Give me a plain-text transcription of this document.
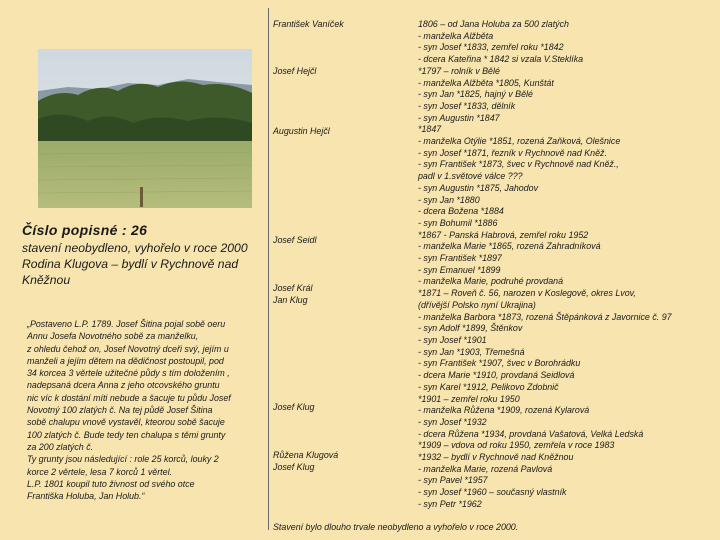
Číslo popisné : 26
stavení neobydleno, vyhořelo v roce 2000
Rodina Klugova – bydlí v Rychnově nad
Kněžnou
„Postaveno L.P. 1789. Josef Šitina pojal sobě oeru
Annu Josefa Novotného sobě za manželku,
z ohledu čehož on, Josef Novotný dceři svý, jejím u
manželi a jejím dětem na dědičnost postoupil, pod
34 korcea 3 věrtele užitečné půdy s tím doložením ,
nadepsaná dcera Anna z jeho otcovského gruntu
nic víc k dostání míti nebude a šacuje tu půdu Josef
Novotný 100 zlatých č. Na tej půdě Josef Šitina
sobě chalupu vnově vystavěl, kteorou sobě šacuje
100 zlatých č. Bude tedy ten chalupa s těmi grunty
za 200 zlatých č.
Ty grunty jsou následující : role 25 korců, louky 2
korce 2 věrtele, lesa 7 korců 1 věrtel.
L.P. 1801 koupil tuto živnost od svého otce
Františka Holuba, Jan Holub.“
František Vaníček
Josef Hejčl
Augustin Hejčl
Josef Seidl
Josef Král
Jan Klug
Josef Klug
Růžena Klugová
Josef Klug
1806 – od Jana Holuba za 500 zlatých
- manželka Alžběta
- syn Josef *1833, zemřel roku *1842
- dcera Kateřina * 1842 si vzala V.Steklíka
*1797 – rolník v Bělé
- manželka Alžběta *1805, Kunštát
- syn Jan *1825, hajný v Bělé
- syn Josef *1833, dělník
- syn Augustin *1847
*1847
- manželka Otýlie *1851, rozená Zaňková, Olešnice
- syn Josef *1871, řezník v Rychnově nad Kněž.
- syn František *1873, švec v Rychnově nad Kněž.,
padl v 1.světové válce ???
- syn Augustin *1875, Jahodov
- syn Jan *1880
- dcera Božena *1884
- syn Bohumil *1886
*1867 - Panská Habrová, zemřel roku 1952
- manželka Marie *1865, rozená Zahradníková
- syn František *1897
- syn Emanuel *1899
- manželka Marie, podruhé provdaná
*1871 – Roveň č. 56, narozen v Koslegově, okres Lvov,
(dřívější Polsko nyní Ukrajina)
- manželka Barbora *1873, rozená Štěpánková z Javornice č. 97
- syn Adolf *1899, Štěnkov
- syn Josef *1901
- syn Jan *1903, Třemešná
- syn František *1907, švec v Borohrádku
- dcera Marie *1910, provdaná Seidlová
- syn Karel *1912, Pelikovo Zdobnič
*1901 – zemřel roku 1950
- manželka Růžena *1909, rozená Kylarová
- syn Josef *1932
- dcera Růžena *1934, provdaná Vašatová, Velká Ledská
*1909 – vdova od roku 1950, zemřela v roce 1983
*1932 – bydlí v Rychnově nad Kněžnou
- manželka Marie, rozená Pavlová
- syn Pavel *1957
- syn Josef *1960 – současný vlastník
- syn Petr *1962
Stavení bylo dlouho trvale neobydleno a vyhořelo v roce 2000.
